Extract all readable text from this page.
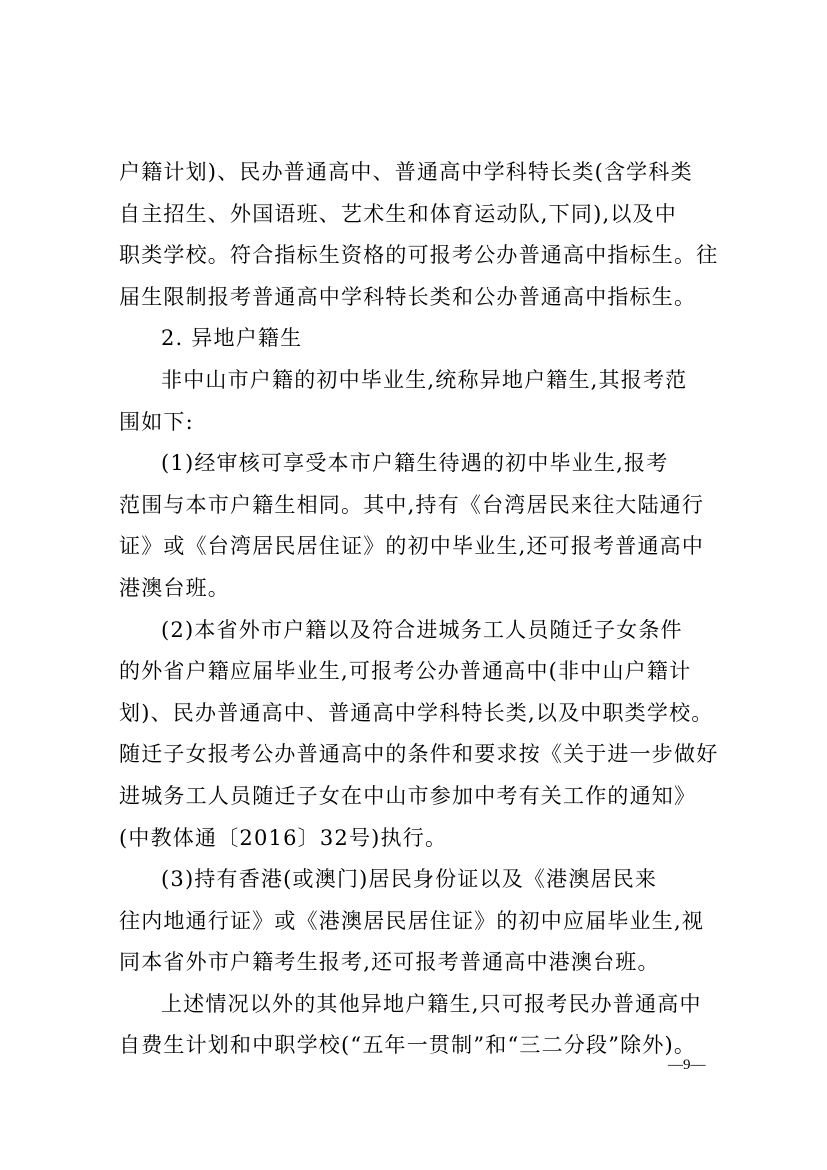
户籍计划)、民办普通高中、普通高中学科特长类(含学科类
自主招生、外国语班、艺术生和体育运动队,下同),以及中
职类学校。符合指标生资格的可报考公办普通高中指标生。往
届生限制报考普通高中学科特长类和公办普通高中指标生。
2. 异地户籍生
非中山市户籍的初中毕业生,统称异地户籍生,其报考范
围如下:
(1)经审核可享受本市户籍生待遇的初中毕业生,报考
范围与本市户籍生相同。其中,持有《台湾居民来往大陆通行
证》或《台湾居民居住证》的初中毕业生,还可报考普通高中
港澳台班。
(2)本省外市户籍以及符合进城务工人员随迁子女条件
的外省户籍应届毕业生,可报考公办普通高中(非中山户籍计
划)、民办普通高中、普通高中学科特长类,以及中职类学校。
随迁子女报考公办普通高中的条件和要求按《关于进一步做好
进城务工人员随迁子女在中山市参加中考有关工作的通知》
(中教体通〔2016〕32号)执行。
(3)持有香港(或澳门)居民身份证以及《港澳居民来
往内地通行证》或《港澳居民居住证》的初中应届毕业生,视
同本省外市户籍考生报考,还可报考普通高中港澳台班。
上述情况以外的其他异地户籍生,只可报考民办普通高中
自费生计划和中职学校(“五年一贯制”和“三二分段”除外)。
—9—
